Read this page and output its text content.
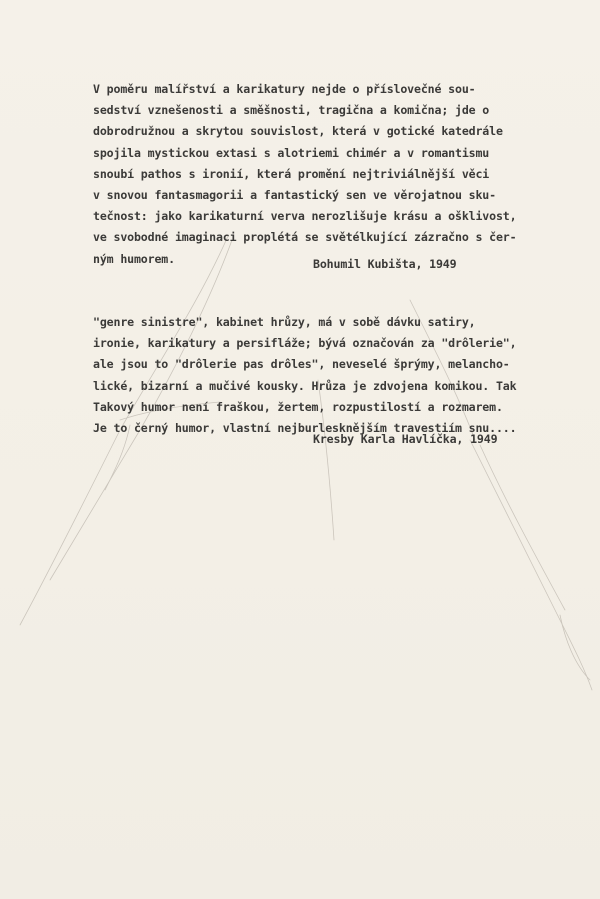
V poměru malířství a karikatury nejde o příslovečné sou-
sedství vznešenosti a směšnosti, tragična a komična; jde o
dobrodružnou a skrytou souvislost, která v gotické katedrále
spojila mystickou extasi s alotriemi chimér a v romantismu
snoubí pathos s ironií, která promění nejtriviálnější věci
v snovou fantasmagorii a fantastický sen ve věrojatnou sku-
tečnost: jako karikaturní verva nerozlišuje krásu a ošklivost,
ve svobodné imaginaci proplétá se světélkující zázračno s čer-
ným humorem.	Bohumil Kubišta, 1949
"genre sinistre", kabinet hrůzy, má v sobě dávku satiry,
ironie, karikatury a persifláže; bývá označován za "drôlerie",
ale jsou to "drôlerie pas drôles", neveselé šprýmy, melancho-
lické, bizarní a mučivé kousky. Hrůza je zdvojena komikou. Tak
Takový humor není fraškou, žertem, rozpustilostí a rozmarem.
Je to černý humor, vlastní nejburlesknějším travestiím snu....
Kresby Karla Havlíčka, 1949
